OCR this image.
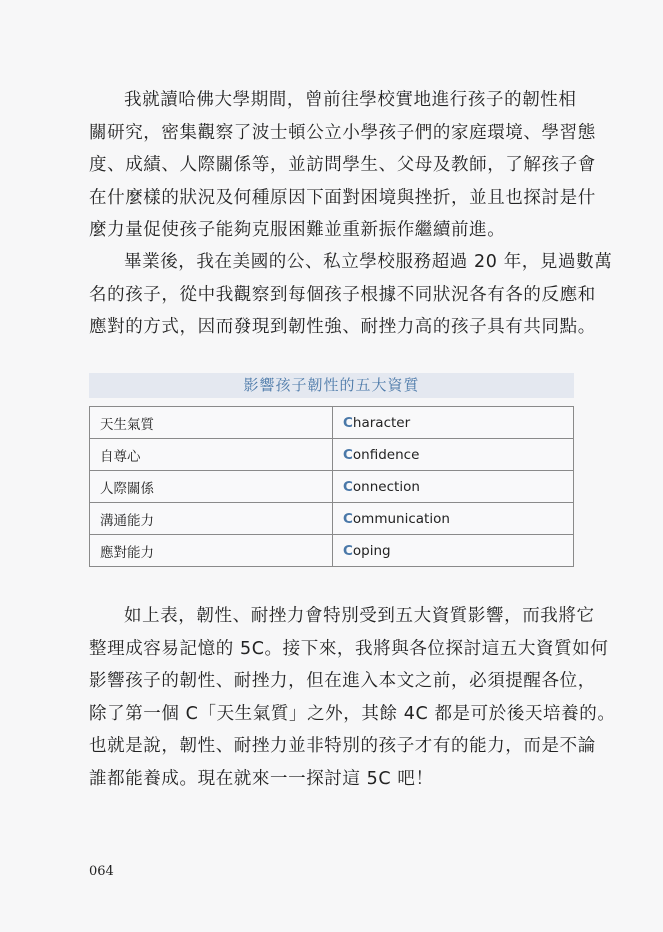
我就讀哈佛大學期間，曾前往學校實地進行孩子的韌性相
關研究，密集觀察了波士頓公立小學孩子們的家庭環境、學習態
度、成績、人際關係等，並訪問學生、父母及教師，了解孩子會
在什麼樣的狀況及何種原因下面對困境與挫折，並且也探討是什
麼力量促使孩子能夠克服困難並重新振作繼續前進。

畢業後，我在美國的公、私立學校服務超過 20 年，見過數萬
名的孩子，從中我觀察到每個孩子根據不同狀況各有各的反應和
應對的方式，因而發現到韌性強、耐挫力高的孩子具有共同點。

影響孩子韌性的五大資質
天生氣質	Character
自尊心	Confidence
人際關係	Connection
溝通能力	Communication
應對能力	Coping

如上表，韌性、耐挫力會特別受到五大資質影響，而我將它
整理成容易記憶的 5C。接下來，我將與各位探討這五大資質如何
影響孩子的韌性、耐挫力，但在進入本文之前，必須提醒各位，
除了第一個 C「天生氣質」之外，其餘 4C 都是可於後天培養的。
也就是說，韌性、耐挫力並非特別的孩子才有的能力，而是不論
誰都能養成。現在就來一一探討這 5C 吧！

064
